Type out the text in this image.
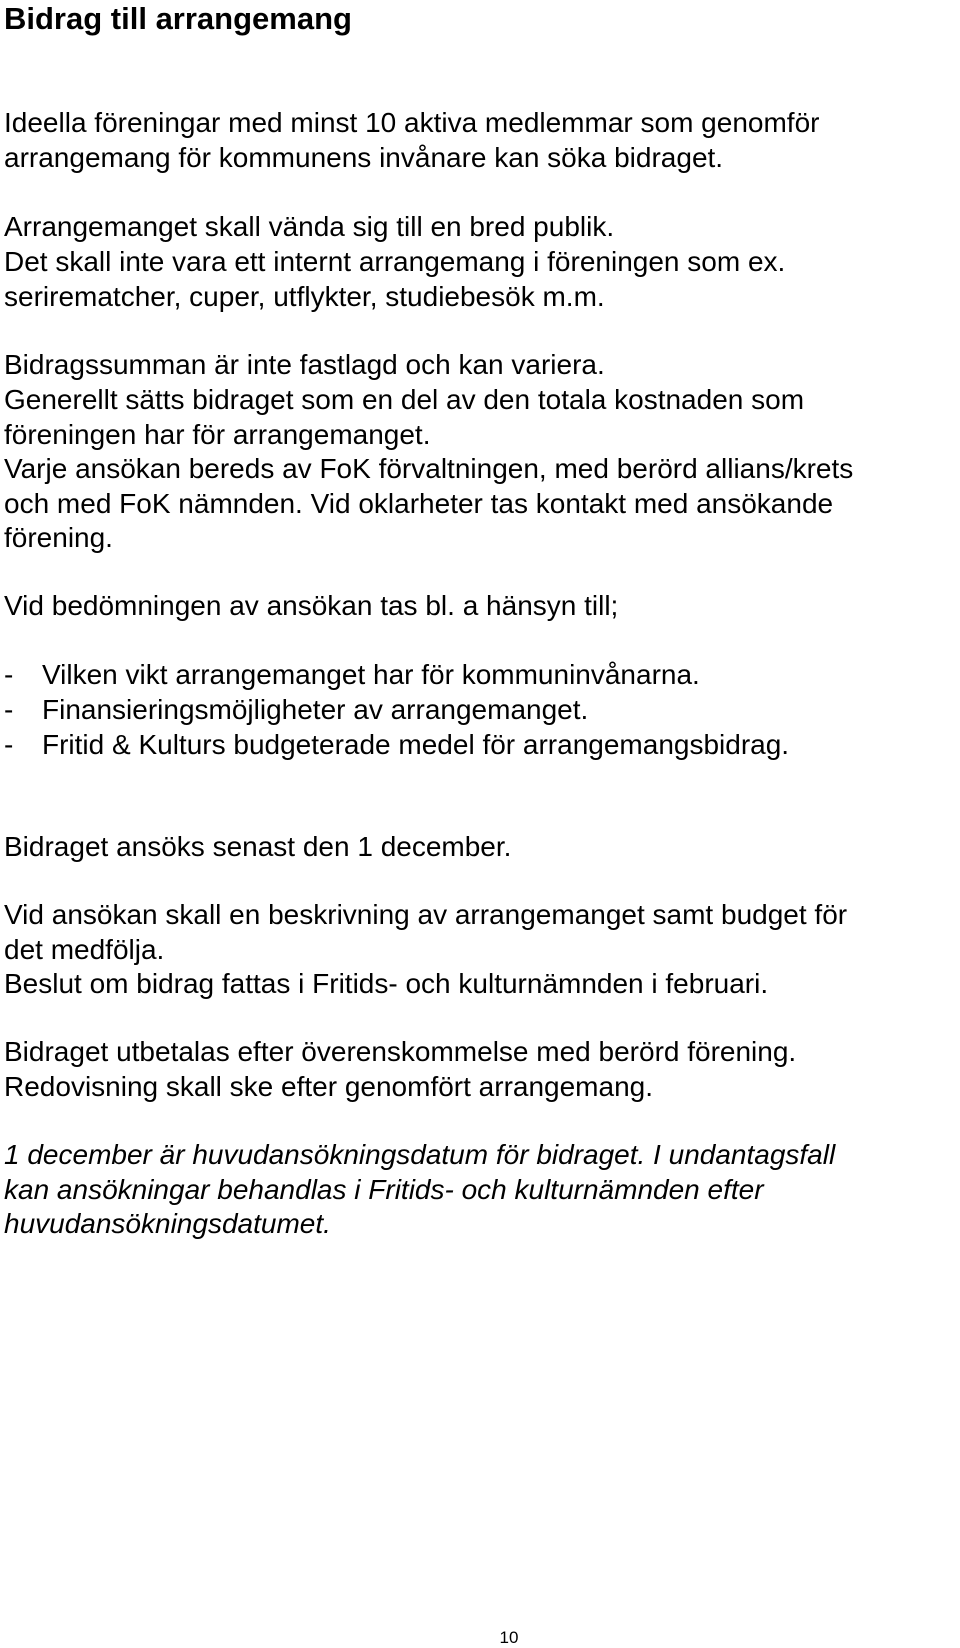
Bidrag till arrangemang
Ideella föreningar med minst 10 aktiva medlemmar som genomför
arrangemang för kommunens invånare kan söka bidraget.
Arrangemanget skall vända sig till en bred publik.
Det skall inte vara ett internt arrangemang i föreningen som ex.
serirematcher, cuper, utflykter, studiebesök m.m.
Bidragssumman är inte fastlagd och kan variera.
Generellt sätts bidraget som en del av den totala kostnaden som
föreningen har för arrangemanget.
Varje ansökan bereds av FoK förvaltningen, med berörd allians/krets
och med FoK nämnden. Vid oklarheter tas kontakt med ansökande
förening.
Vid bedömningen av ansökan tas bl. a hänsyn till;
- Vilken vikt arrangemanget har för kommuninvånarna.
- Finansieringsmöjligheter av arrangemanget.
- Fritid & Kulturs budgeterade medel för arrangemangsbidrag.
Bidraget ansöks senast den 1 december.
Vid ansökan skall en beskrivning av arrangemanget samt budget för
det medfölja.
Beslut om bidrag fattas i Fritids- och kulturnämnden i februari.
Bidraget utbetalas efter överenskommelse med berörd förening.
Redovisning skall ske efter genomfört arrangemang.
1 december är huvudansökningsdatum för bidraget. I undantagsfall
kan ansökningar behandlas i Fritids- och kulturnämnden efter
huvudansökningsdatumet.
10
